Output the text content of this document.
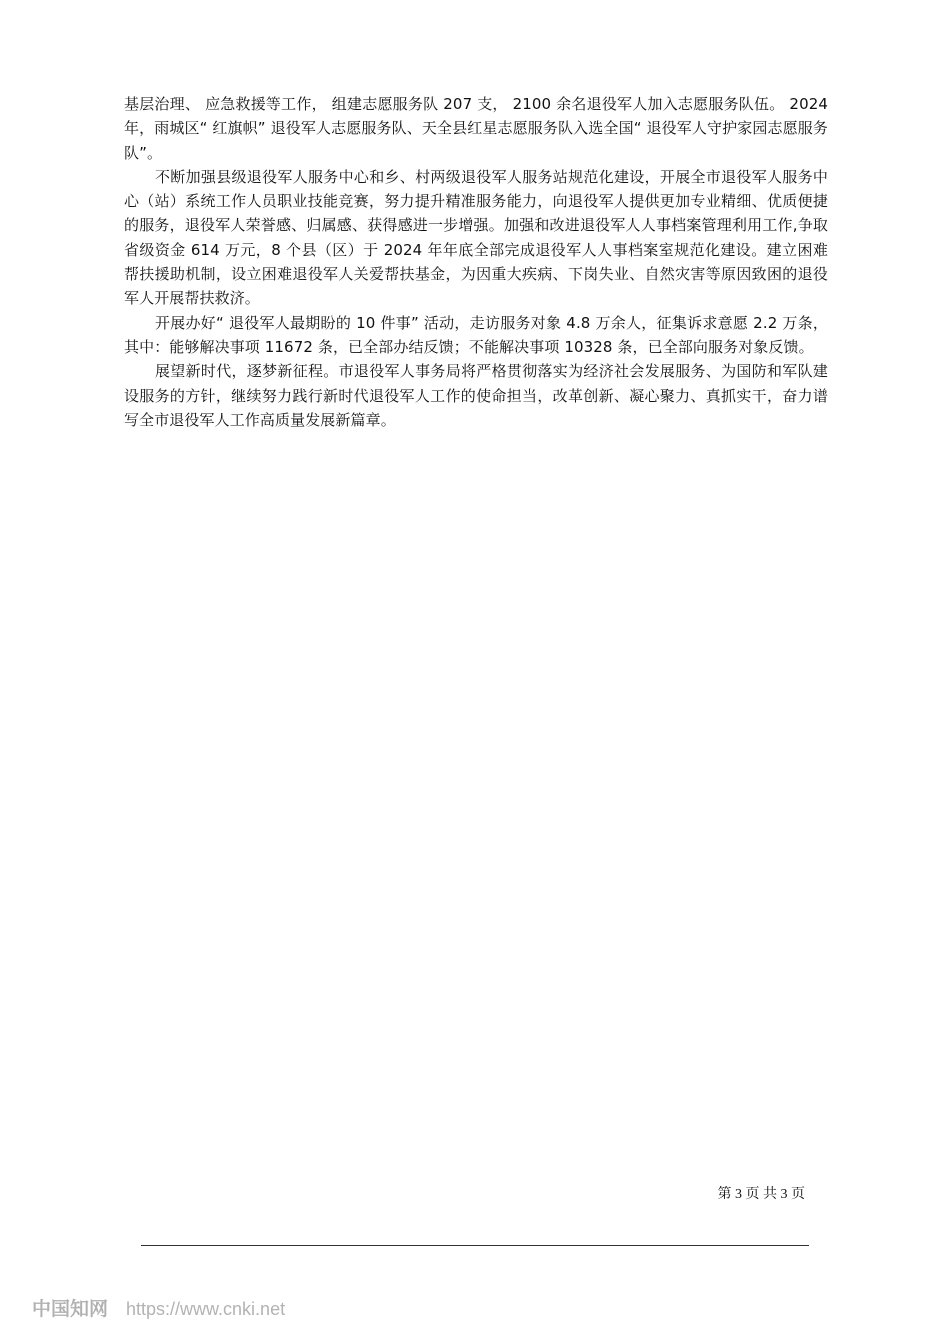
基层治理、 应急救援等工作， 组建志愿服务队 207 支， 2100 余名退役军人加入志愿服务队伍。 2024 年，雨城区“ 红旗帜” 退役军人志愿服务队、天全县红星志愿服务队入选全国“ 退役军人守护家园志愿服务队”。

不断加强县级退役军人服务中心和乡、村两级退役军人服务站规范化建设，开展全市退役军人服务中心（站）系统工作人员职业技能竞赛，努力提升精准服务能力，向退役军人提供更加专业精细、优质便捷的服务，退役军人荣誉感、归属感、获得感进一步增强。加强和改进退役军人人事档案管理利用工作,争取省级资金 614 万元，8 个县（区）于 2024 年年底全部完成退役军人人事档案室规范化建设。建立困难帮扶援助机制，设立困难退役军人关爱帮扶基金，为因重大疾病、下岗失业、自然灾害等原因致困的退役军人开展帮扶救济。

开展办好“ 退役军人最期盼的 10 件事” 活动，走访服务对象 4.8 万余人，征集诉求意愿 2.2 万条，其中：能够解决事项 11672 条，已全部办结反馈；不能解决事项 10328 条，已全部向服务对象反馈。

展望新时代，逐梦新征程。市退役军人事务局将严格贯彻落实为经济社会发展服务、为国防和军队建设服务的方针，继续努力践行新时代退役军人工作的使命担当，改革创新、凝心聚力、真抓实干，奋力谱写全市退役军人工作高质量发展新篇章。

第 3 页 共 3 页
中国知网 https://www.cnki.net
